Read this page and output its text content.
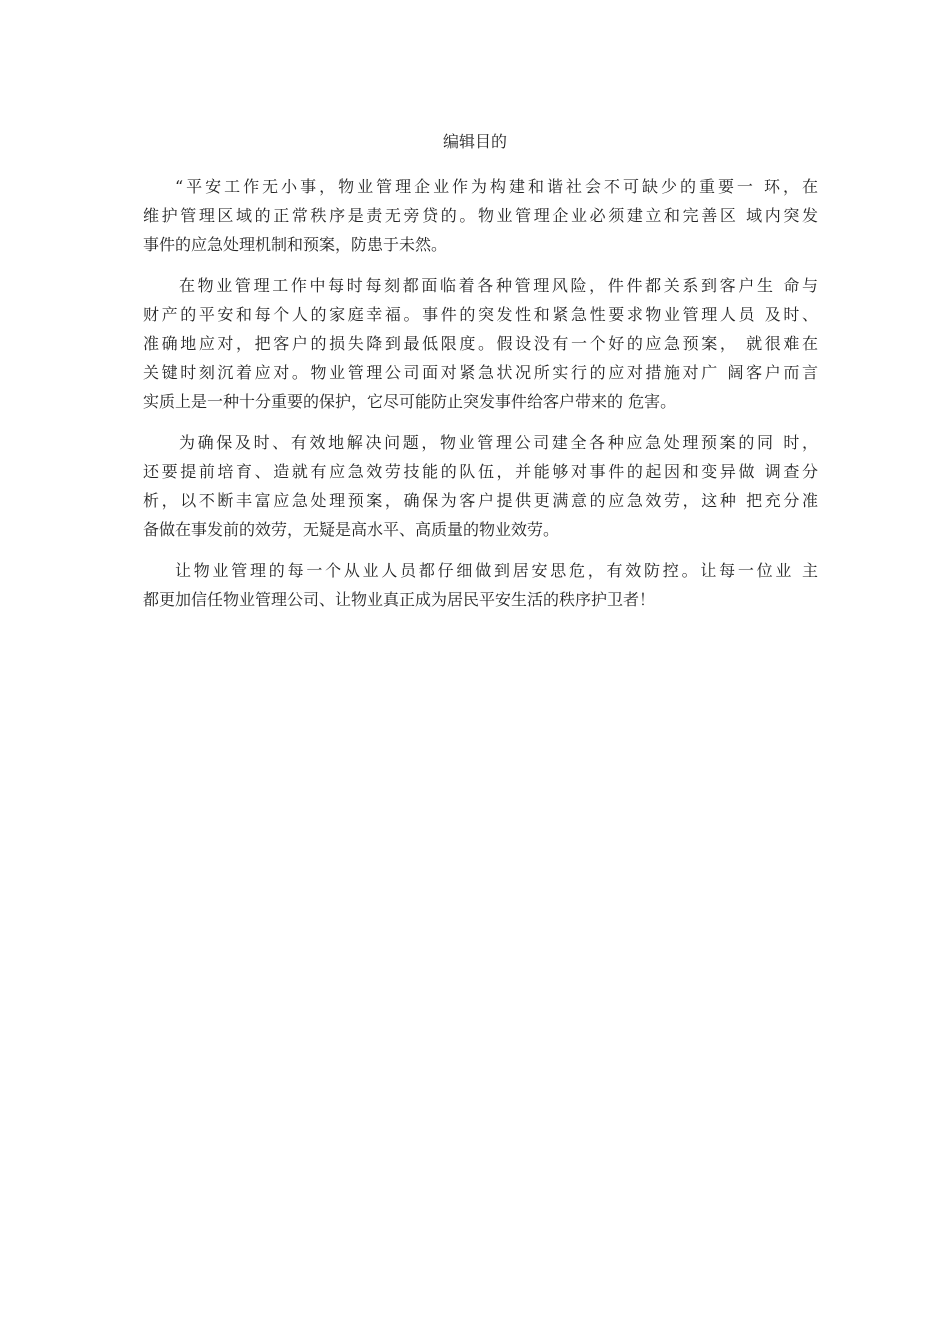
编辑目的

“平安工作无小事，物业管理企业作为构建和谐社会不可缺少的重要一 环，在
维护管理区域的正常秩序是责无旁贷的。物业管理企业必须建立和完善区 域内突发
事件的应急处理机制和预案，防患于未然。

在物业管理工作中每时每刻都面临着各种管理风险，件件都关系到客户生 命与
财产的平安和每个人的家庭幸福。事件的突发性和紧急性要求物业管理人员 及时、
准确地应对，把客户的损失降到最低限度。假设没有一个好的应急预案， 就很难在
关键时刻沉着应对。物业管理公司面对紧急状况所实行的应对措施对广 阔客户而言
实质上是一种十分重要的保护，它尽可能防止突发事件给客户带来的 危害。

为确保及时、有效地解决问题，物业管理公司建全各种应急处理预案的同 时，
还要提前培育、造就有应急效劳技能的队伍，并能够对事件的起因和变异做 调查分
析，以不断丰富应急处理预案，确保为客户提供更满意的应急效劳，这种 把充分准
备做在事发前的效劳，无疑是高水平、高质量的物业效劳。

让物业管理的每一个从业人员都仔细做到居安思危，有效防控。让每一位业 主
都更加信任物业管理公司、让物业真正成为居民平安生活的秩序护卫者！
